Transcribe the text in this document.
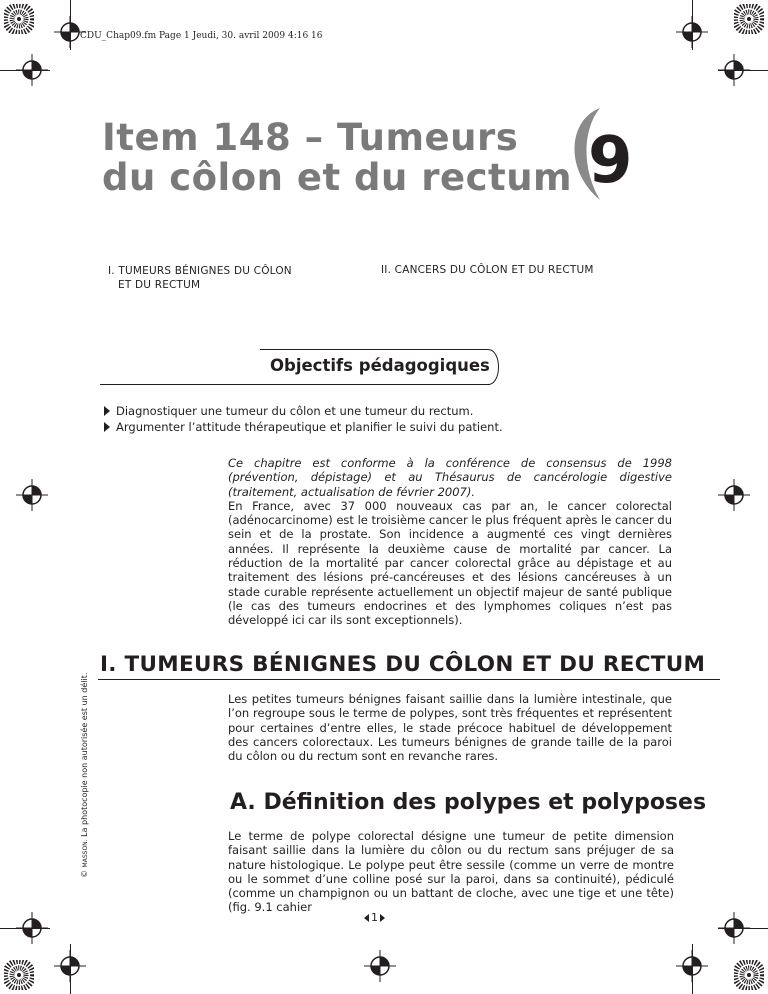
CDU_Chap09.fm Page 1 Jeudi, 30. avril 2009 4:16 16
Item 148 – Tumeurs
du côlon et du rectum 9
I. TUMEURS BÉNIGNES DU CÔLON
ET DU RECTUM
II. CANCERS DU CÔLON ET DU RECTUM
Objectifs pédagogiques
Diagnostiquer une tumeur du côlon et une tumeur du rectum.
Argumenter l’attitude thérapeutique et planifier le suivi du patient.
Ce chapitre est conforme à la conférence de consensus de 1998 (prévention, dépistage) et au Thésaurus de cancérologie digestive (traitement, actualisation de février 2007).
En France, avec 37 000 nouveaux cas par an, le cancer colorectal (adénocarcinome) est le troisième cancer le plus fréquent après le cancer du sein et de la prostate. Son incidence a augmenté ces vingt dernières années. Il représente la deuxième cause de mortalité par cancer. La réduction de la mortalité par cancer colorectal grâce au dépistage et au traitement des lésions pré-cancéreuses et des lésions cancéreuses à un stade curable représente actuellement un objectif majeur de santé publique (le cas des tumeurs endocrines et des lymphomes coliques n’est pas développé ici car ils sont exceptionnels).
I. TUMEURS BÉNIGNES DU CÔLON ET DU RECTUM
Les petites tumeurs bénignes faisant saillie dans la lumière intestinale, que l’on regroupe sous le terme de polypes, sont très fréquentes et représentent pour certaines d’entre elles, le stade précoce habituel de développement des cancers colorectaux. Les tumeurs bénignes de grande taille de la paroi du côlon ou du rectum sont en revanche rares.
© MASSON. La photocopie non autorisée est un délit.	A. Définition des polypes et polyposes
Le terme de polype colorectal désigne une tumeur de petite dimension faisant saillie dans la lumière du côlon ou du rectum sans préjuger de sa nature histologique. Le polype peut être sessile (comme un verre de montre ou le sommet d’une colline posé sur la paroi, dans sa continuité), pédiculé (comme un champignon ou un battant de cloche, avec une tige et une tête) (fig. 9.1 cahier
1
